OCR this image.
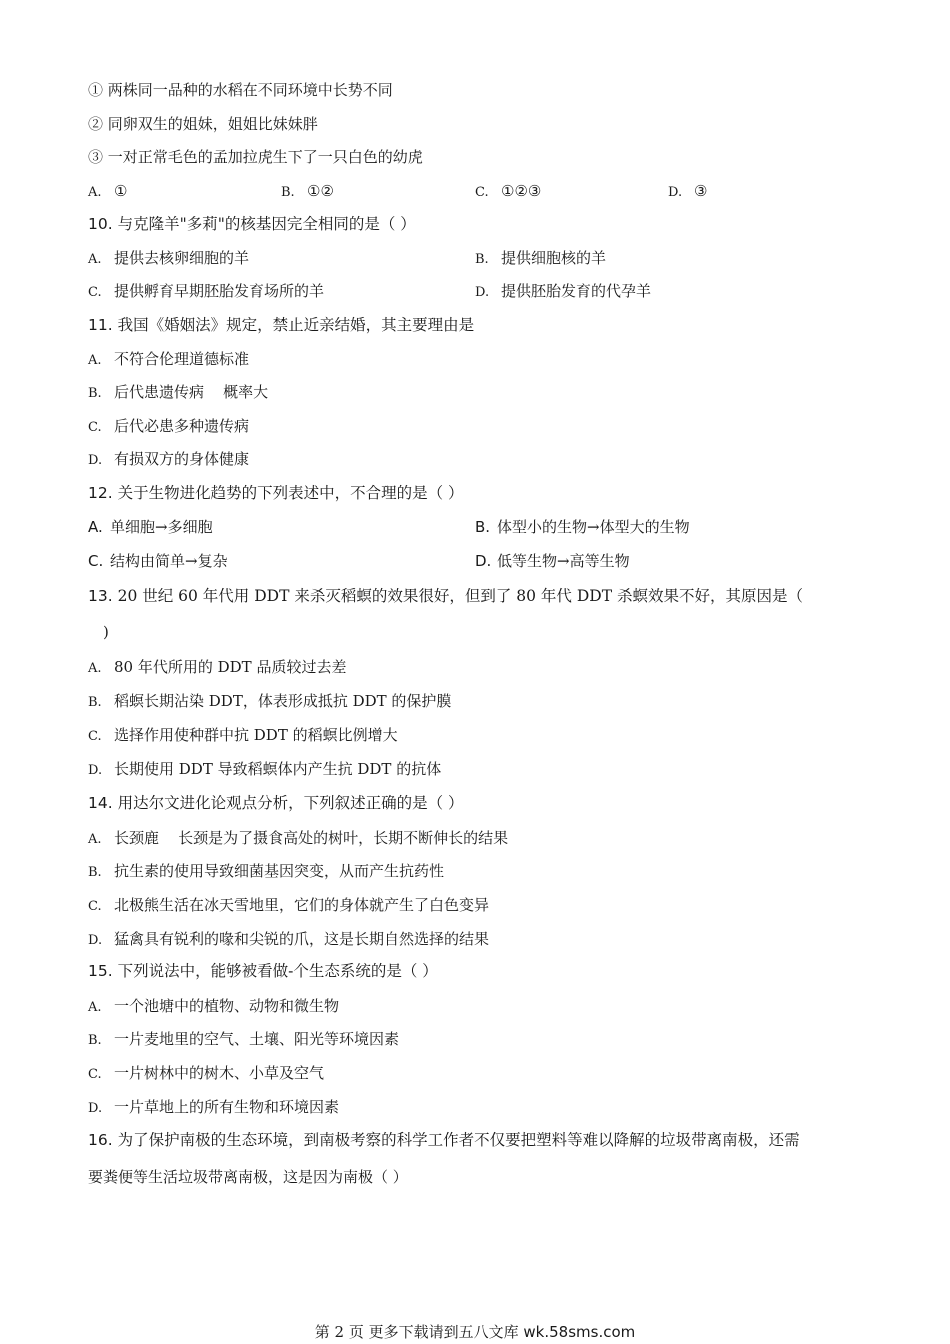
① 两株同一品种的水稻在不同环境中长势不同
② 同卵双生的姐妹，姐姐比妹妹胖
③ 一对正常毛色的孟加拉虎生下了一只白色的幼虎
A. ①	B. ①②	C. ①②③	D. ③
10. 与克隆羊"多莉"的核基因完全相同的是（ ）
A. 提供去核卵细胞的羊	B. 提供细胞核的羊
C. 提供孵育早期胚胎发育场所的羊	D. 提供胚胎发育的代孕羊
11. 我国《婚姻法》规定，禁止近亲结婚，其主要理由是
A. 不符合伦理道德标准
B. 后代患遗传病    概率大
C. 后代必患多种遗传病
D. 有损双方的身体健康
12. 关于生物进化趋势的下列表述中，不合理的是（ ）
A. 单细胞→多细胞	B. 体型小的生物→体型大的生物
C. 结构由简单→复杂	D. 低等生物→高等生物
13. 20 世纪 60 年代用 DDT 来杀灭稻螟的效果很好，但到了 80 年代 DDT 杀螟效果不好，其原因是（
)
A. 80 年代所用的 DDT 品质较过去差
B. 稻螟长期沾染 DDT，体表形成抵抗 DDT 的保护膜
C. 选择作用使种群中抗 DDT 的稻螟比例增大
D. 长期使用 DDT 导致稻螟体内产生抗 DDT 的抗体
14. 用达尔文进化论观点分析，下列叙述正确的是（ ）
A. 长颈鹿    长颈是为了摄食高处的树叶，长期不断伸长的结果
B. 抗生素的使用导致细菌基因突变，从而产生抗药性
C. 北极熊生活在冰天雪地里，它们的身体就产生了白色变异
D. 猛禽具有锐利的喙和尖锐的爪，这是长期自然选择的结果
15. 下列说法中，能够被看做-个生态系统的是（ ）
A. 一个池塘中的植物、动物和微生物
B. 一片麦地里的空气、土壤、阳光等环境因素
C. 一片树林中的树木、小草及空气
D. 一片草地上的所有生物和环境因素
16. 为了保护南极的生态环境，到南极考察的科学工作者不仅要把塑料等难以降解的垃圾带离南极，还需
要粪便等生活垃圾带离南极，这是因为南极（ ）
第 2 页 更多下载请到五八文库 wk.58sms.com
